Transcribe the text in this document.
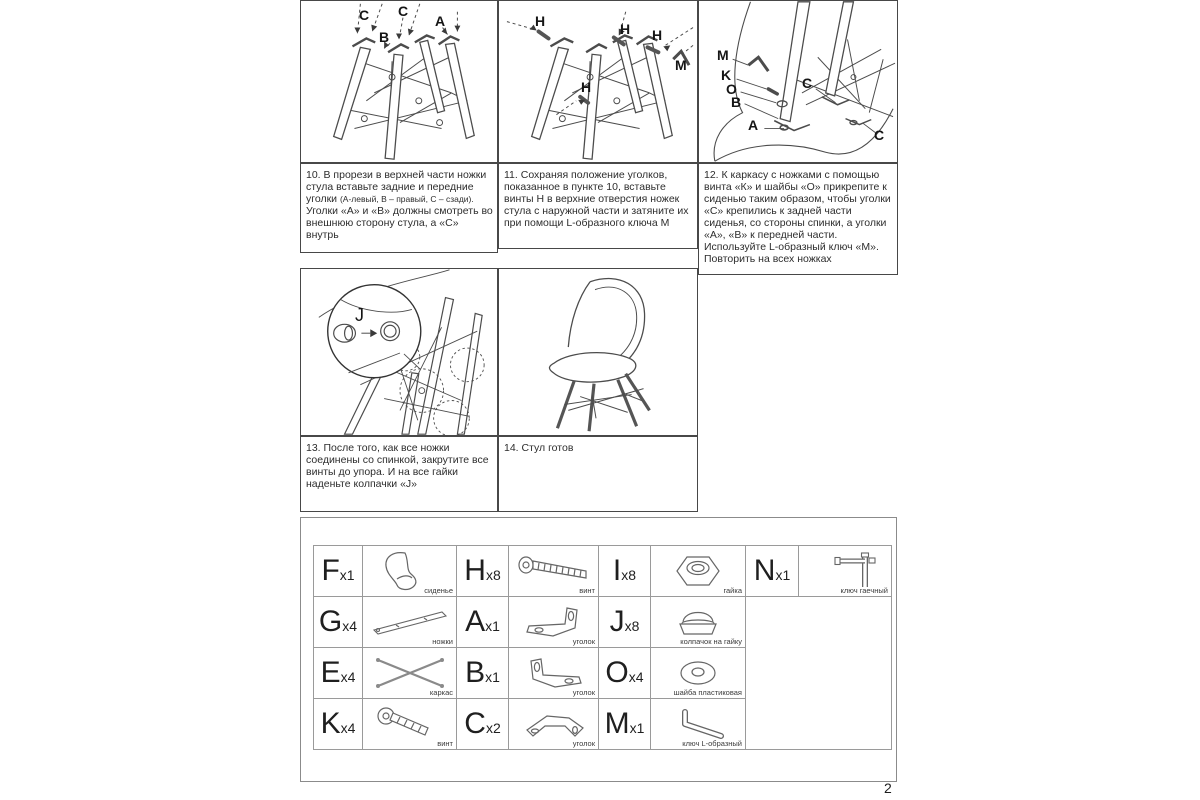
C C
A
B
H	H H
H
M
M
K
O
B
A
C
C
10. В прорези в верхней части ножки стула вставьте задние и передние уголки (А-левый, В – правый, С – сзади). Уголки «А» и «В» должны смотреть во внешнюю сторону стула, а «С» внутрь
11. Сохраняя положение уголков, показанное в пункте 10, вставьте винты Н в верхние отверстия ножек стула с наружной части и затяните их при помощи L-образного ключа М
12. К каркасу с ножками с помощью винта «К» и шайбы «О» прикрепите к сиденью таким образом, чтобы уголки «С» крепились к задней части сиденья, со стороны спинки, а уголки «А», «В» к передней части. Используйте L-образный ключ «М». Повторить на всех ножках
J
13. После того, как все ножки соединены со спинкой, закрутите все винты до упора. И на все гайки наденьте колпачки «J»
14. Стул готов
Fx1	сиденье	Hx8	винт	Ix8	гайка	Nx1	ключ гаечный

Gx4	ножки	Ax1	уголок	Jx8	колпачок на гайку		

Ex4	каркас	Bx1	уголок	Ox4	шайба пластиковая		

Kx4	винт	Cx2	уголок	Mx1	ключ L-образный		
2
